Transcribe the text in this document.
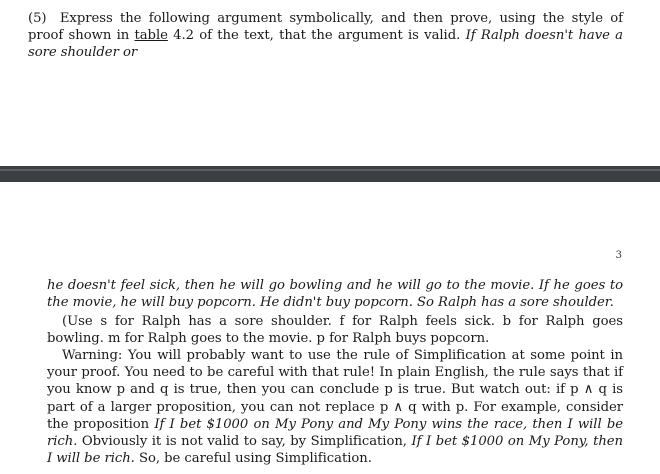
(5) Express the following argument symbolically, and then prove, using the style of proof shown in table 4.2 of the text, that the argument is valid. If Ralph doesn't have a sore shoulder or

3

he doesn't feel sick, then he will go bowling and he will go to the movie. If he goes to the movie, he will buy popcorn. He didn't buy popcorn. So Ralph has a sore shoulder.

(Use s for Ralph has a sore shoulder. f for Ralph feels sick. b for Ralph goes bowling. m for Ralph goes to the movie. p for Ralph buys popcorn.

Warning: You will probably want to use the rule of Simplification at some point in your proof. You need to be careful with that rule! In plain English, the rule says that if you know p and q is true, then you can conclude p is true. But watch out: if p ∧ q is part of a larger proposition, you can not replace p ∧ q with p. For example, consider the proposition If I bet $1000 on My Pony and My Pony wins the race, then I will be rich. Obviously it is not valid to say, by Simplification, If I bet $1000 on My Pony, then I will be rich. So, be careful using Simplification.
